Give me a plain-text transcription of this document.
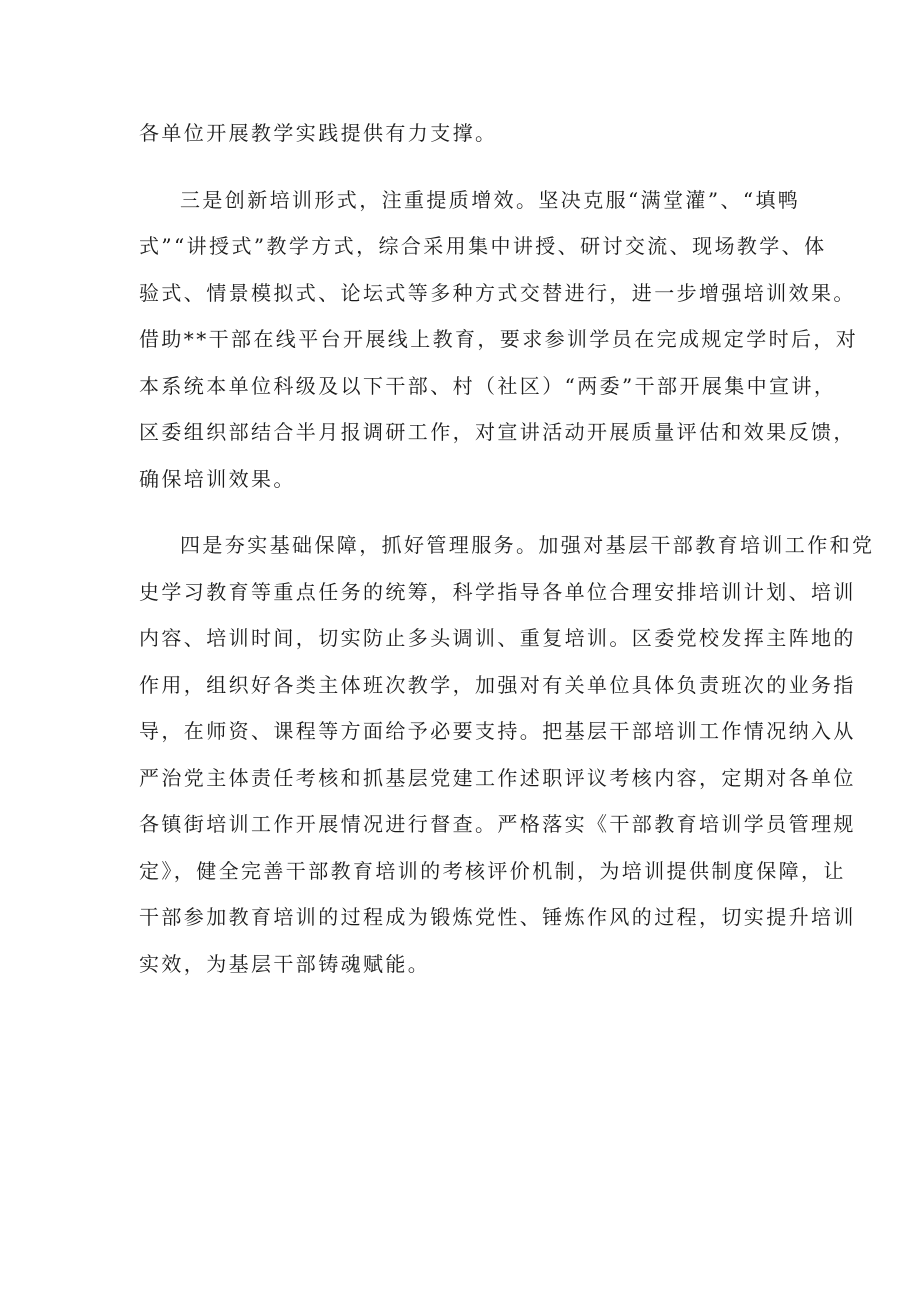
各单位开展教学实践提供有力支撑。
三是创新培训形式，注重提质增效。坚决克服“满堂灌”、“填鸭
式”“讲授式”教学方式，综合采用集中讲授、研讨交流、现场教学、体
验式、情景模拟式、论坛式等多种方式交替进行，进一步增强培训效果。
借助**干部在线平台开展线上教育，要求参训学员在完成规定学时后，对
本系统本单位科级及以下干部、村（社区）“两委”干部开展集中宣讲，
区委组织部结合半月报调研工作，对宣讲活动开展质量评估和效果反馈，
确保培训效果。
四是夯实基础保障，抓好管理服务。加强对基层干部教育培训工作和党
史学习教育等重点任务的统筹，科学指导各单位合理安排培训计划、培训
内容、培训时间，切实防止多头调训、重复培训。区委党校发挥主阵地的
作用，组织好各类主体班次教学，加强对有关单位具体负责班次的业务指
导，在师资、课程等方面给予必要支持。把基层干部培训工作情况纳入从
严治党主体责任考核和抓基层党建工作述职评议考核内容，定期对各单位
各镇街培训工作开展情况进行督查。严格落实《干部教育培训学员管理规
定》，健全完善干部教育培训的考核评价机制，为培训提供制度保障，让
干部参加教育培训的过程成为锻炼党性、锤炼作风的过程，切实提升培训
实效，为基层干部铸魂赋能。
